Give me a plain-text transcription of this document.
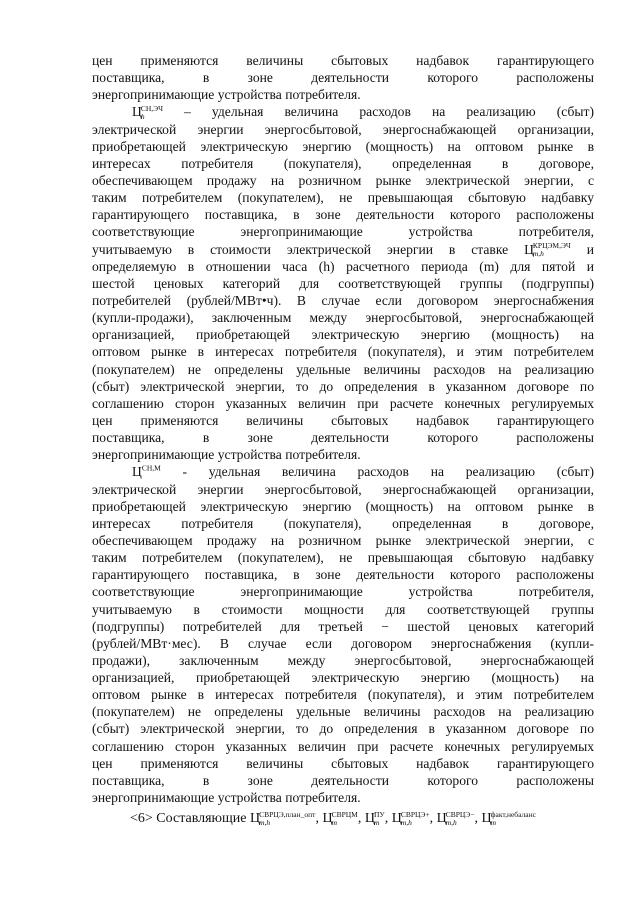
цен применяются величины сбытовых надбавок гарантирующего
поставщика, в зоне деятельности которого расположены
энергопринимающие устройства потребителя.
Ц СН,ЭЧ
h	– удельная величина расходов на реализацию (сбыт)
электрической энергии энергосбытовой, энергоснабжающей организации,
приобретающей электрическую энергию (мощность) на оптовом рынке в
интересах потребителя (покупателя), определенная в договоре,
обеспечивающем продажу на розничном рынке электрической энергии, с
таким потребителем (покупателем), не превышающая сбытовую надбавку
гарантирующего поставщика, в зоне деятельности которого расположены
соответствующие энергопринимающие устройства потребителя,
учитываемую в стоимости электрической энергии в ставке Ц КРЦЭМ,ЭЧ
m,h	и
определяемую в отношении часа (h) расчетного периода (m) для пятой и
шестой ценовых категорий для соответствующей группы (подгруппы)
потребителей (рублей/МВт•ч). В случае если договором энергоснабжения
(купли-продажи), заключенным между энергосбытовой, энергоснабжающей
организацией, приобретающей электрическую энергию (мощность) на
оптовом рынке в интересах потребителя (покупателя), и этим потребителем
(покупателем) не определены удельные величины расходов на реализацию
(сбыт) электрической энергии, то до определения в указанном договоре по
соглашению сторон указанных величин при расчете конечных регулируемых
цен применяются величины сбытовых надбавок гарантирующего
поставщика, в зоне деятельности которого расположены
энергопринимающие устройства потребителя.
$Ц^{СН,М}$ - удельная величина расходов на реализацию (сбыт)
электрической энергии энергосбытовой, энергоснабжающей организации,
приобретающей электрическую энергию (мощность) на оптовом рынке в
интересах потребителя (покупателя), определенная в договоре,
обеспечивающем продажу на розничном рынке электрической энергии, с
таким потребителем (покупателем), не превышающая сбытовую надбавку
гарантирующего поставщика, в зоне деятельности которого расположены
соответствующие энергопринимающие устройства потребителя,
учитываемую в стоимости мощности для соответствующей группы
(подгруппы) потребителей для третьей − шестой ценовых категорий
(рублей/МВт·мес). В случае если договором энергоснабжения (купли-
продажи), заключенным между энергосбытовой, энергоснабжающей
организацией, приобретающей электрическую энергию (мощность) на
оптовом рынке в интересах потребителя (покупателя), и этим потребителем
(покупателем) не определены удельные величины расходов на реализацию
(сбыт) электрической энергии, то до определения в указанном договоре по
соглашению сторон указанных величин при расчете конечных регулируемых
цен применяются величины сбытовых надбавок гарантирующего
поставщика, в зоне деятельности которого расположены
энергопринимающие устройства потребителя.
<6> Составляющие Ц СВРЦЭ,план_опт
m,h	, Ц СВРЦМ
m	, Ц ПУ
m , Ц СВРЦЭ+
m,h	, Ц СВРЦЭ−
m,h	, Ц факт,небаланс
m
